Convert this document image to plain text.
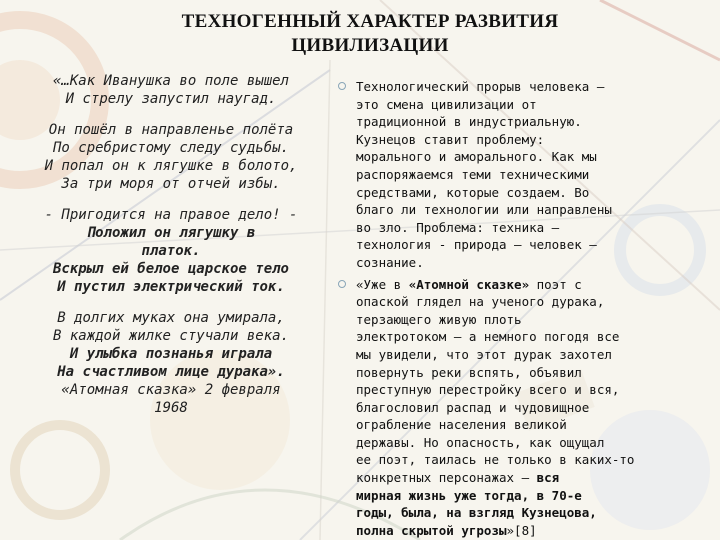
ТЕХНОГЕННЫЙ ХАРАКТЕР РАЗВИТИЯ
ЦИВИЛИЗАЦИИ
«…Как Иванушка во поле вышел
И стрелу запустил наугад.
Он пошёл в направленье полёта
По сребристому следу судьбы.
И попал он к лягушке в болото,
За три моря от отчей избы.
- Пригодится на правое дело! -
Положил он лягушку в
платок.
Вскрыл ей белое царское тело
И пустил электрический ток.
В долгих муках она умирала,
В каждой жилке стучали века.
И улыбка познанья играла
На счастливом лице дурака».
«Атомная сказка» 2 февраля
1968
Технологический прорыв человека –
это смена цивилизации от
традиционной в индустриальную.
Кузнецов ставит проблему:
морального и аморального. Как мы
распоряжаемся теми техническими
средствами, которые создаем. Во
благо ли технологии или направлены
во зло. Проблема: техника –
технология - природа – человек –
сознание.
«Уже в «Атомной сказке» поэт с
опаской глядел на ученого дурака,
терзающего живую плоть
электротоком — а немного погодя все
мы увидели, что этот дурак захотел
повернуть реки вспять, объявил
преступную перестройку всего и вся,
благословил распад и чудовищное
ограбление населения великой
державы. Но опасность, как ощущал
ее поэт, таилась не только в каких-то
конкретных персонажах — вся
мирная жизнь уже тогда, в 70-е
годы, была, на взгляд Кузнецова,
полна скрытой угрозы»[8]
